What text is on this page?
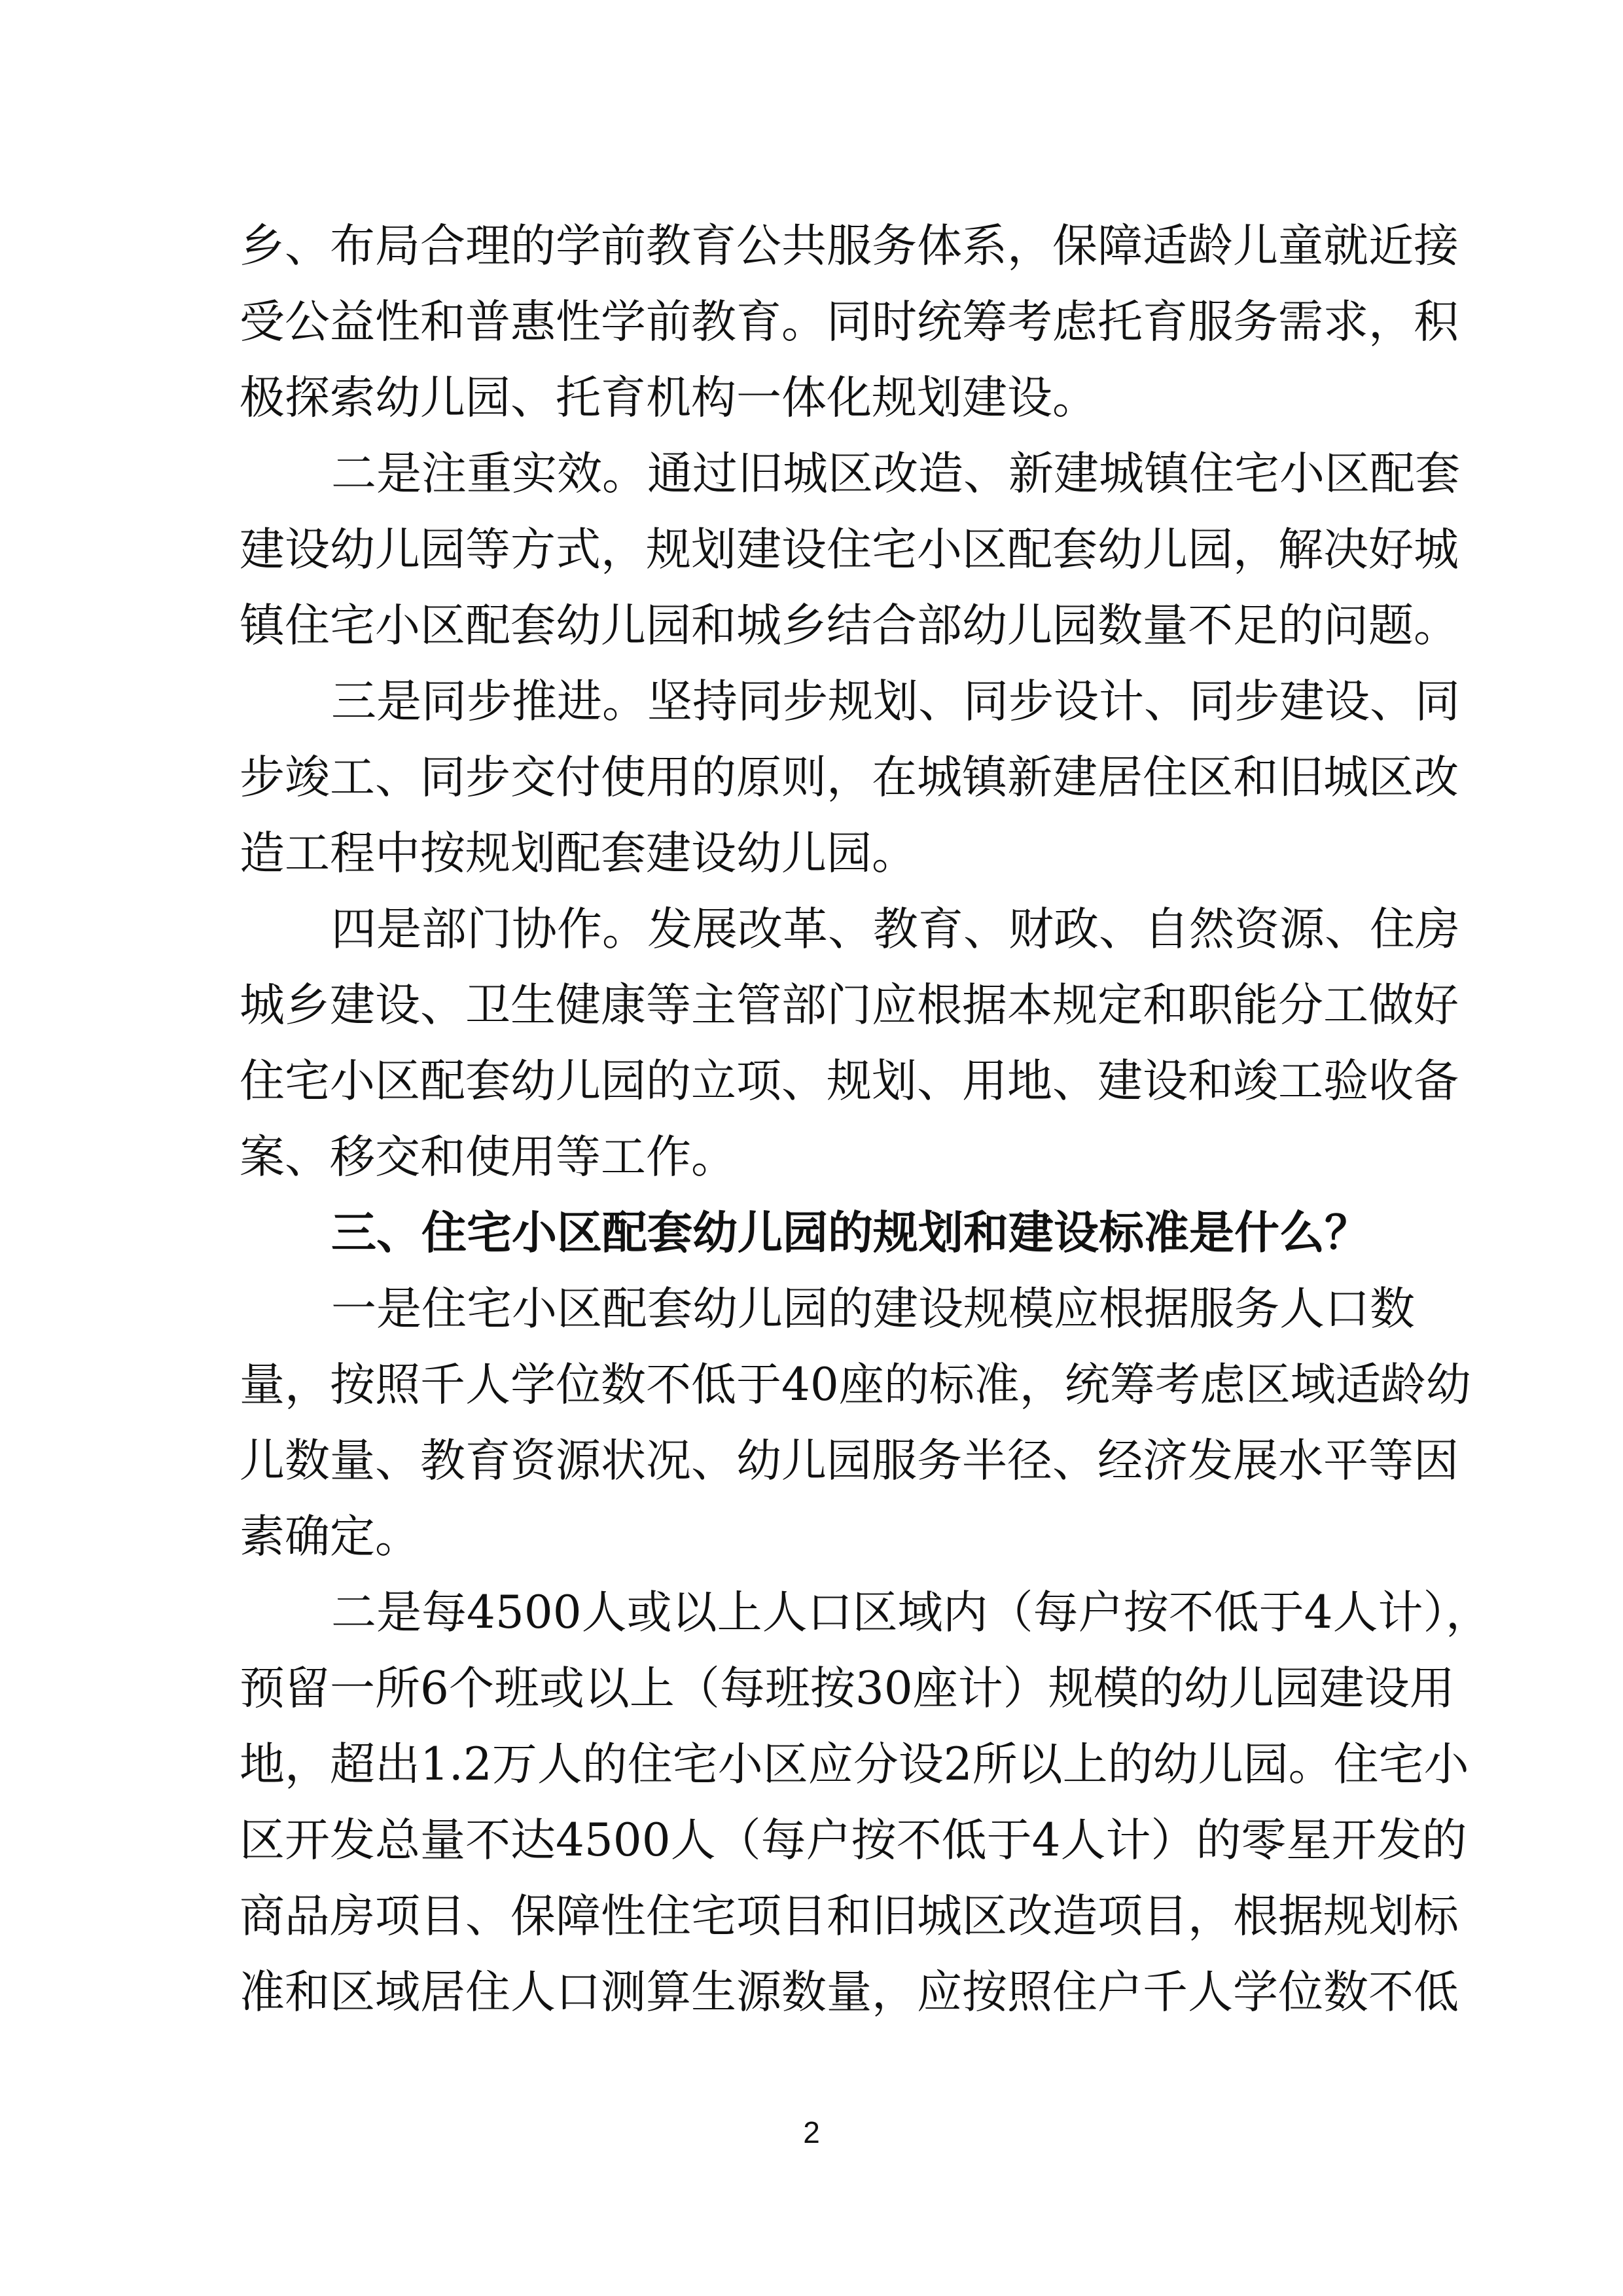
乡、布局合理的学前教育公共服务体系，保障适龄儿童就近接
受公益性和普惠性学前教育。同时统筹考虑托育服务需求，积
极探索幼儿园、托育机构一体化规划建设。
二是注重实效。通过旧城区改造、新建城镇住宅小区配套
建设幼儿园等方式，规划建设住宅小区配套幼儿园，解决好城
镇住宅小区配套幼儿园和城乡结合部幼儿园数量不足的问题。
三是同步推进。坚持同步规划、同步设计、同步建设、同
步竣工、同步交付使用的原则，在城镇新建居住区和旧城区改
造工程中按规划配套建设幼儿园。
四是部门协作。发展改革、教育、财政、自然资源、住房
城乡建设、卫生健康等主管部门应根据本规定和职能分工做好
住宅小区配套幼儿园的立项、规划、用地、建设和竣工验收备
案、移交和使用等工作。
三、住宅小区配套幼儿园的规划和建设标准是什么？
一是住宅小区配套幼儿园的建设规模应根据服务人口数
量，按照千人学位数不低于40座的标准，统筹考虑区域适龄幼
儿数量、教育资源状况、幼儿园服务半径、经济发展水平等因
素确定。
二是每4500人或以上人口区域内（每户按不低于4人计），
预留一所6个班或以上（每班按30座计）规模的幼儿园建设用
地，超出1.2万人的住宅小区应分设2所以上的幼儿园。住宅小
区开发总量不达4500人（每户按不低于4人计）的零星开发的
商品房项目、保障性住宅项目和旧城区改造项目，根据规划标
准和区域居住人口测算生源数量，应按照住户千人学位数不低
2
